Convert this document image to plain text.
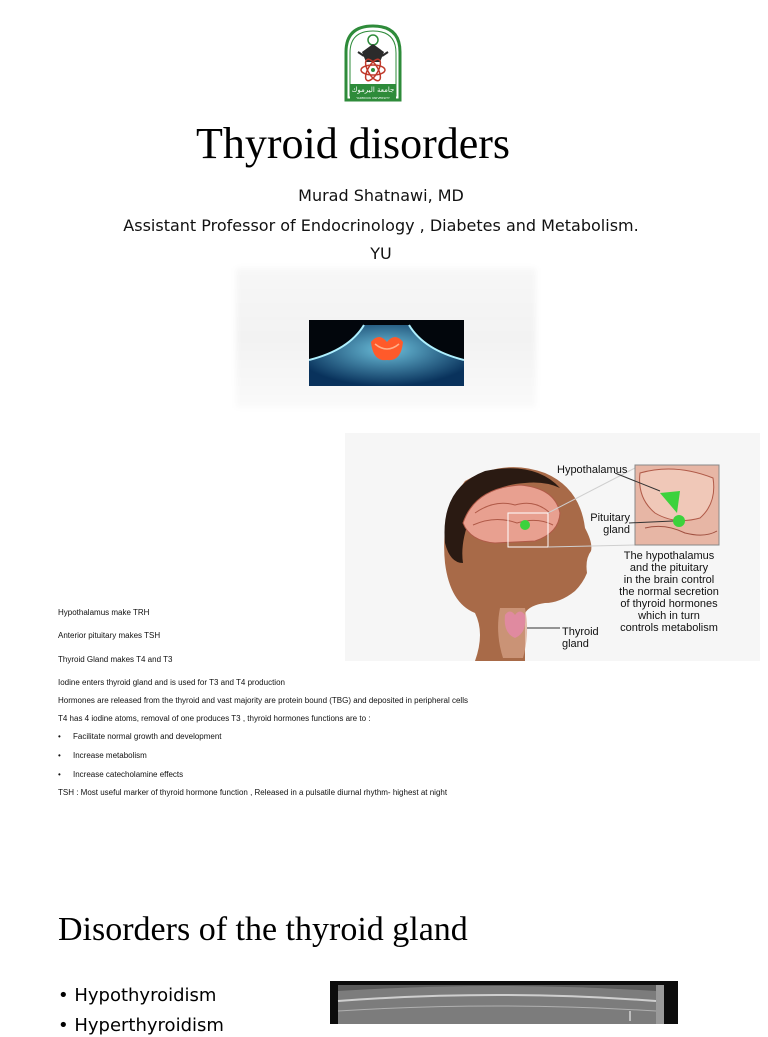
جامعة اليرموك
YARMOUK UNIVERSITY
Thyroid disorders
Murad Shatnawi, MD
Assistant Professor of Endocrinology , Diabetes and Metabolism.
YU
Hypothalamus
Pituitary
gland
Thyroid
gland
The hypothalamus
and the pituitary
in the brain control
the normal secretion
of thyroid hormones
which in turn
controls metabolism
Hypothalamus make TRH
Anterior pituitary makes TSH
Thyroid Gland makes T4 and T3
Iodine enters thyroid gland and is used for T3 and T4 production
Hormones are released from the thyroid and vast majority are protein bound (TBG) and deposited in peripheral cells
T4 has 4 iodine atoms, removal of one produces T3 , thyroid hormones functions are to :
• Facilitate normal growth and development
• Increase metabolism
• Increase catecholamine effects
TSH : Most useful marker of thyroid hormone function , Released in a pulsatile diurnal rhythm- highest at night
Disorders of the thyroid gland
• Hypothyroidism
• Hyperthyroidism
